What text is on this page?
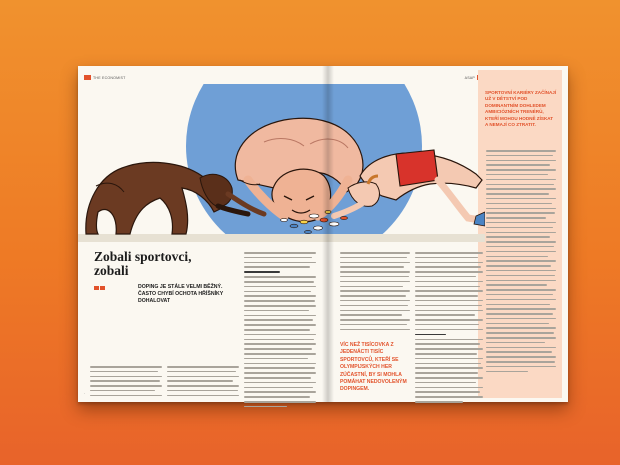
THE ECONOMIST	ASAP
SPORTOVNÍ KARIÉRY ZAČÍNAJÍ UŽ V DĚTSTVÍ POD DOMINANTNÍM DOHLEDEM AMBICIÓZNÍCH TRENÉRŮ, KTEŘÍ MOHOU HODNĚ ZÍSKAT A NEMAJÍ CO ZTRATIT.
Zobali sportovci, zobali
DOPING JE STÁLE VELMI BĚŽNÝ. ČASTO CHYBÍ OCHOTA HŘÍŠNÍKY DOHALOVAT
·
VÍC NEŽ TISÍCOVKA Z JEDENÁCTI TISÍC SPORTOVCŮ, KTEŘÍ SE OLYMPIJSKÝCH HER ZÚČASTNÍ, BY SI MOHLA POMÁHAT NEDOVOLENÝM DOPINGEM.
